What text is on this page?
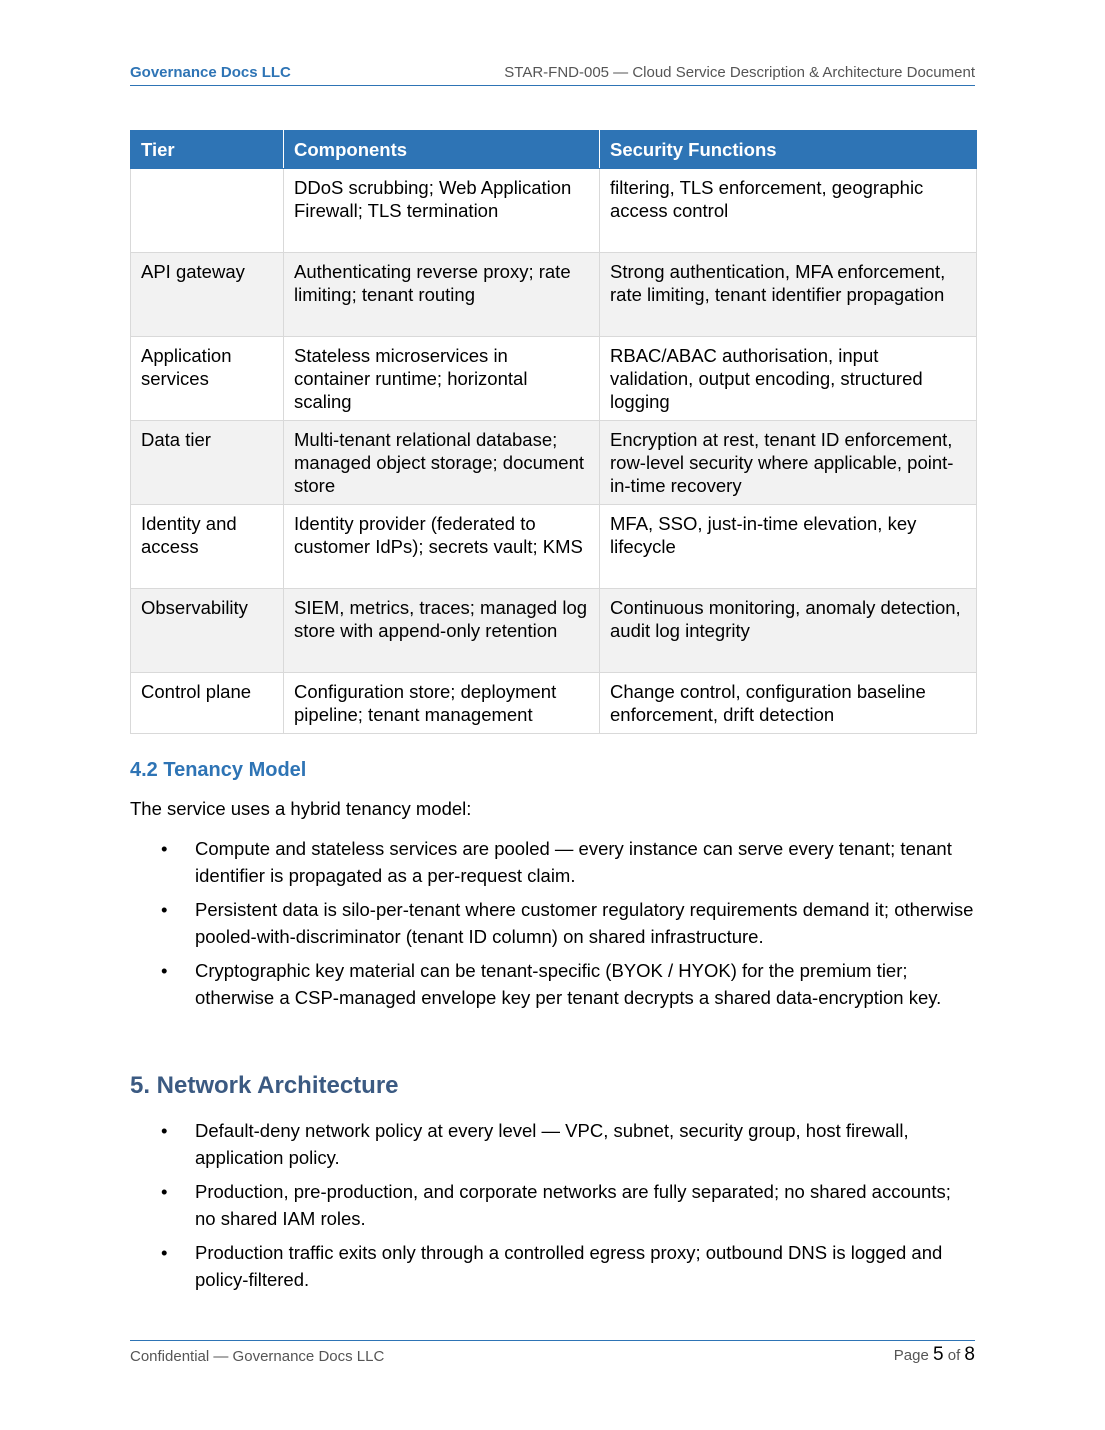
Governance Docs LLC	STAR-FND-005 — Cloud Service Description & Architecture Document
Tier	Components	Security Functions
	DDoS scrubbing; Web Application Firewall; TLS termination	filtering, TLS enforcement, geographic access control
API gateway	Authenticating reverse proxy; rate limiting; tenant routing	Strong authentication, MFA enforcement, rate limiting, tenant identifier propagation
Application services	Stateless microservices in container runtime; horizontal scaling	RBAC/ABAC authorisation, input validation, output encoding, structured logging
Data tier	Multi-tenant relational database; managed object storage; document store	Encryption at rest, tenant ID enforcement, row-level security where applicable, point-in-time recovery
Identity and access	Identity provider (federated to customer IdPs); secrets vault; KMS	MFA, SSO, just-in-time elevation, key lifecycle
Observability	SIEM, metrics, traces; managed log store with append-only retention	Continuous monitoring, anomaly detection, audit log integrity
Control plane	Configuration store; deployment pipeline; tenant management	Change control, configuration baseline enforcement, drift detection
4.2 Tenancy Model
The service uses a hybrid tenancy model:
• Compute and stateless services are pooled — every instance can serve every tenant; tenant identifier is propagated as a per-request claim.
• Persistent data is silo-per-tenant where customer regulatory requirements demand it; otherwise pooled-with-discriminator (tenant ID column) on shared infrastructure.
• Cryptographic key material can be tenant-specific (BYOK / HYOK) for the premium tier; otherwise a CSP-managed envelope key per tenant decrypts a shared data-encryption key.
5. Network Architecture
• Default-deny network policy at every level — VPC, subnet, security group, host firewall, application policy.
• Production, pre-production, and corporate networks are fully separated; no shared accounts; no shared IAM roles.
• Production traffic exits only through a controlled egress proxy; outbound DNS is logged and policy-filtered.
Confidential — Governance Docs LLC	Page 5 of 8
